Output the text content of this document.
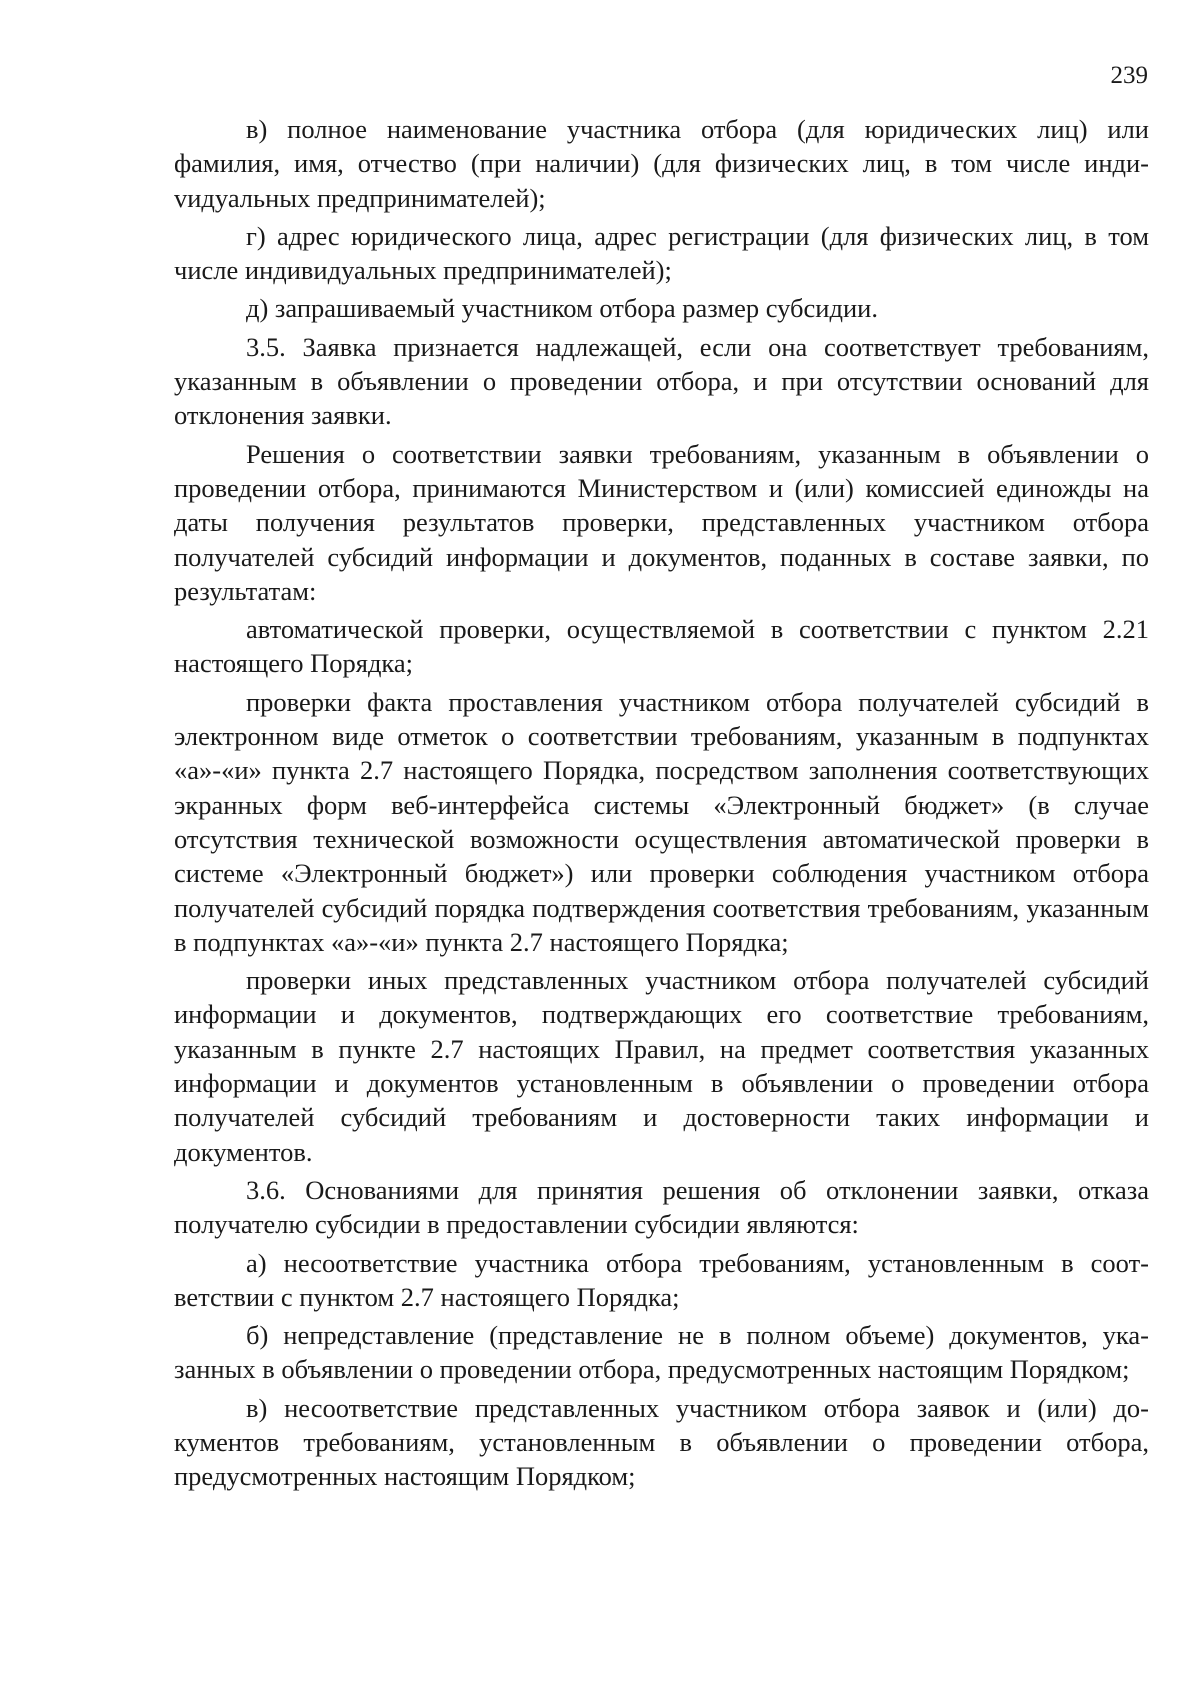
239

в) полное наименование участника отбора (для юридических лиц) или фамилия, имя, отчество (при наличии) (для физических лиц, в том числе индиvидуальных предпринимателей);

г) адрес юридического лица, адрес регистрации (для физических лиц, в том числе индивидуальных предпринимателей);

д) запрашиваемый участником отбора размер субсидии.

3.5. Заявка признается надлежащей, если она соответствует требованиям, указанным в объявлении о проведении отбора, и при отсутствии оснований для отклонения заявки.

Решения о соответствии заявки требованиям, указанным в объявлении о проведении отбора, принимаются Министерством и (или) комиссией единожды на даты получения результатов проверки, представленных участником отбора получателей субсидий информации и документов, поданных в составе заявки, по результатам:

автоматической проверки, осуществляемой в соответствии с пунктом 2.21 настоящего Порядка;

проверки факта проставления участником отбора получателей субсидий в электронном виде отметок о соответствии требованиям, указанным в подпунктах «а»-«и» пункта 2.7 настоящего Порядка, посредством заполнения соответствующих экранных форм веб-интерфейса системы «Электронный бюджет» (в случае отсутствия технической возможности осуществления автоматической проверки в системе «Электронный бюджет») или проверки соблюдения участником отбора получателей субсидий порядка подтверждения соответствия требованиям, указанным в подпунктах «а»-«и» пункта 2.7 настоящего Порядка;

проверки иных представленных участником отбора получателей субсидий информации и документов, подтверждающих его соответствие требованиям, указанным в пункте 2.7 настоящих Правил, на предмет соответствия указанных информации и документов установленным в объявлении о проведении отбора получателей субсидий требованиям и достоверности таких информации и документов.

3.6. Основаниями для принятия решения об отклонении заявки, отказа получателю субсидии в предоставлении субсидии являются:

а) несоответствие участника отбора требованиям, установленным в соответствии с пунктом 2.7 настоящего Порядка;

б) непредставление (представление не в полном объеме) документов, указанных в объявлении о проведении отбора, предусмотренных настоящим Порядком;

в) несоответствие представленных участником отбора заявок и (или) документов требованиям, установленным в объявлении о проведении отбора, предусмотренных настоящим Порядком;
